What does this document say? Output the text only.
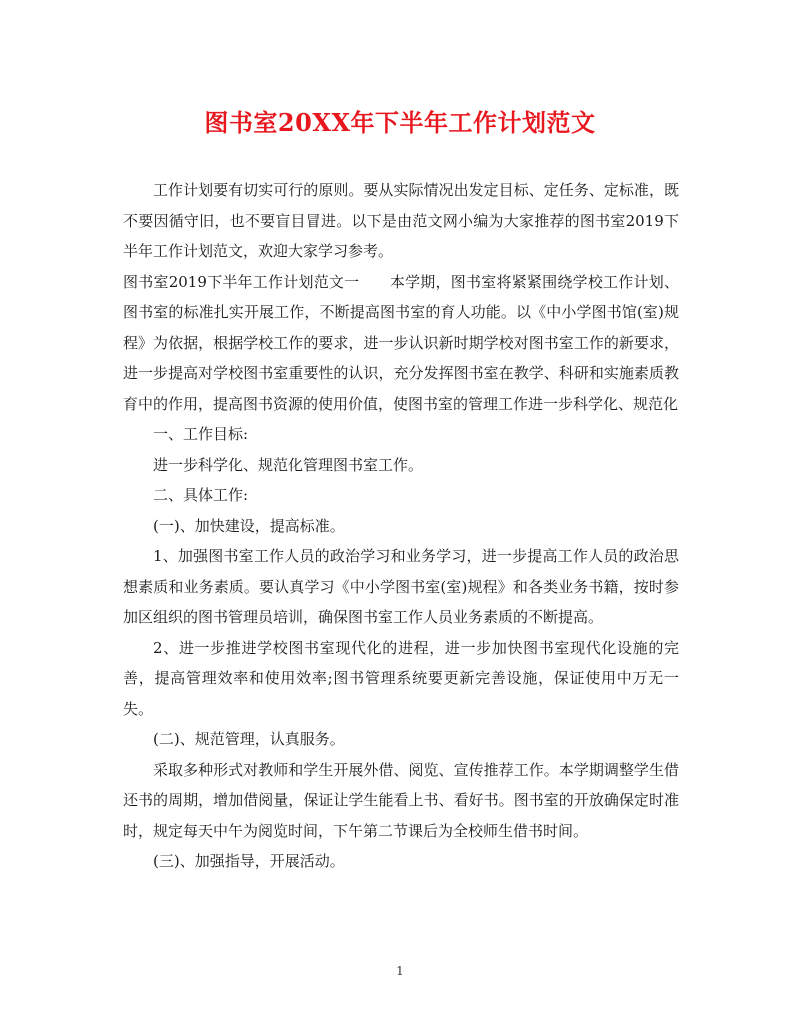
图书室20XX年下半年工作计划范文

工作计划要有切实可行的原则。要从实际情况出发定目标、定任务、定标准，既不要因循守旧，也不要盲目冒进。以下是由范文网小编为大家推荐的图书室2019下半年工作计划范文，欢迎大家学习参考。

图书室2019下半年工作计划范文一　　本学期，图书室将紧紧围绕学校工作计划、图书室的标准扎实开展工作，不断提高图书室的育人功能。以《中小学图书馆(室)规程》为依据，根据学校工作的要求，进一步认识新时期学校对图书室工作的新要求，进一步提高对学校图书室重要性的认识，充分发挥图书室在教学、科研和实施素质教育中的作用，提高图书资源的使用价值，使图书室的管理工作进一步科学化、规范化

一、工作目标:

进一步科学化、规范化管理图书室工作。

二、具体工作:

(一)、加快建设，提高标准。

1、加强图书室工作人员的政治学习和业务学习，进一步提高工作人员的政治思想素质和业务素质。要认真学习《中小学图书室(室)规程》和各类业务书籍，按时参加区组织的图书管理员培训，确保图书室工作人员业务素质的不断提高。

2、进一步推进学校图书室现代化的进程，进一步加快图书室现代化设施的完善，提高管理效率和使用效率;图书管理系统要更新完善设施，保证使用中万无一失。

(二)、规范管理，认真服务。

采取多种形式对教师和学生开展外借、阅览、宣传推荐工作。本学期调整学生借还书的周期，增加借阅量，保证让学生能看上书、看好书。图书室的开放确保定时准时，规定每天中午为阅览时间，下午第二节课后为全校师生借书时间。

(三)、加强指导，开展活动。

1
